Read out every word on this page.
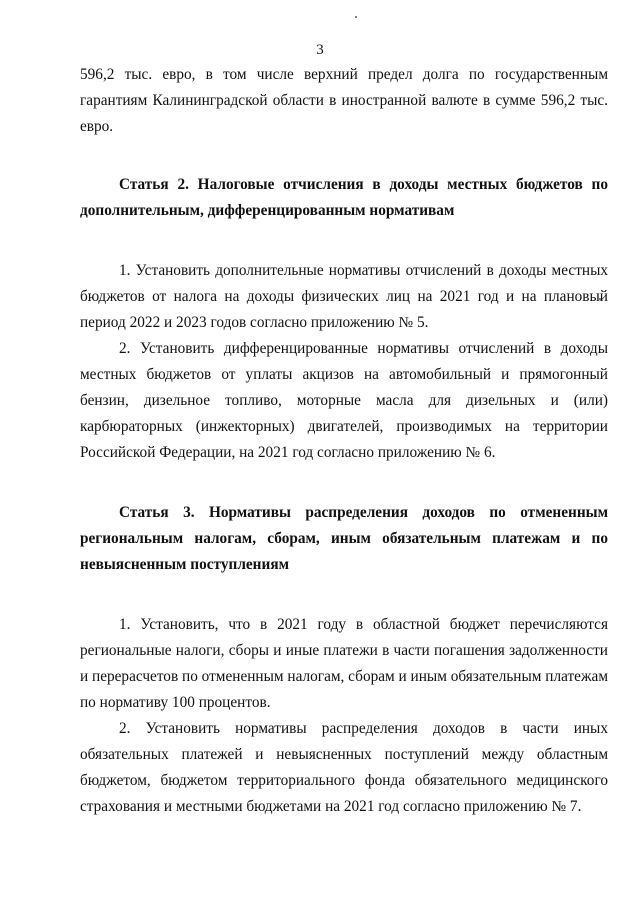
3

596,2 тыс. евро, в том числе верхний предел долга по государственным гарантиям Калининградской области в иностранной валюте в сумме 596,2 тыс. евро.

Статья 2. Налоговые отчисления в доходы местных бюджетов по дополнительным, дифференцированным нормативам

1. Установить дополнительные нормативы отчислений в доходы местных бюджетов от налога на доходы физических лиц на 2021 год и на плановый период 2022 и 2023 годов согласно приложению № 5.

2. Установить дифференцированные нормативы отчислений в доходы местных бюджетов от уплаты акцизов на автомобильный и прямогонный бензин, дизельное топливо, моторные масла для дизельных и (или) карбюраторных (инжекторных) двигателей, производимых на территории Российской Федерации, на 2021 год согласно приложению № 6.

Статья 3. Нормативы распределения доходов по отмененным региональным налогам, сборам, иным обязательным платежам и по невыясненным поступлениям

1. Установить, что в 2021 году в областной бюджет перечисляются региональные налоги, сборы и иные платежи в части погашения задолженности и перерасчетов по отмененным налогам, сборам и иным обязательным платежам по нормативу 100 процентов.

2. Установить нормативы распределения доходов в части иных обязательных платежей и невыясненных поступлений между областным бюджетом, бюджетом территориального фонда обязательного медицинского страхования и местными бюджетами на 2021 год согласно приложению № 7.
